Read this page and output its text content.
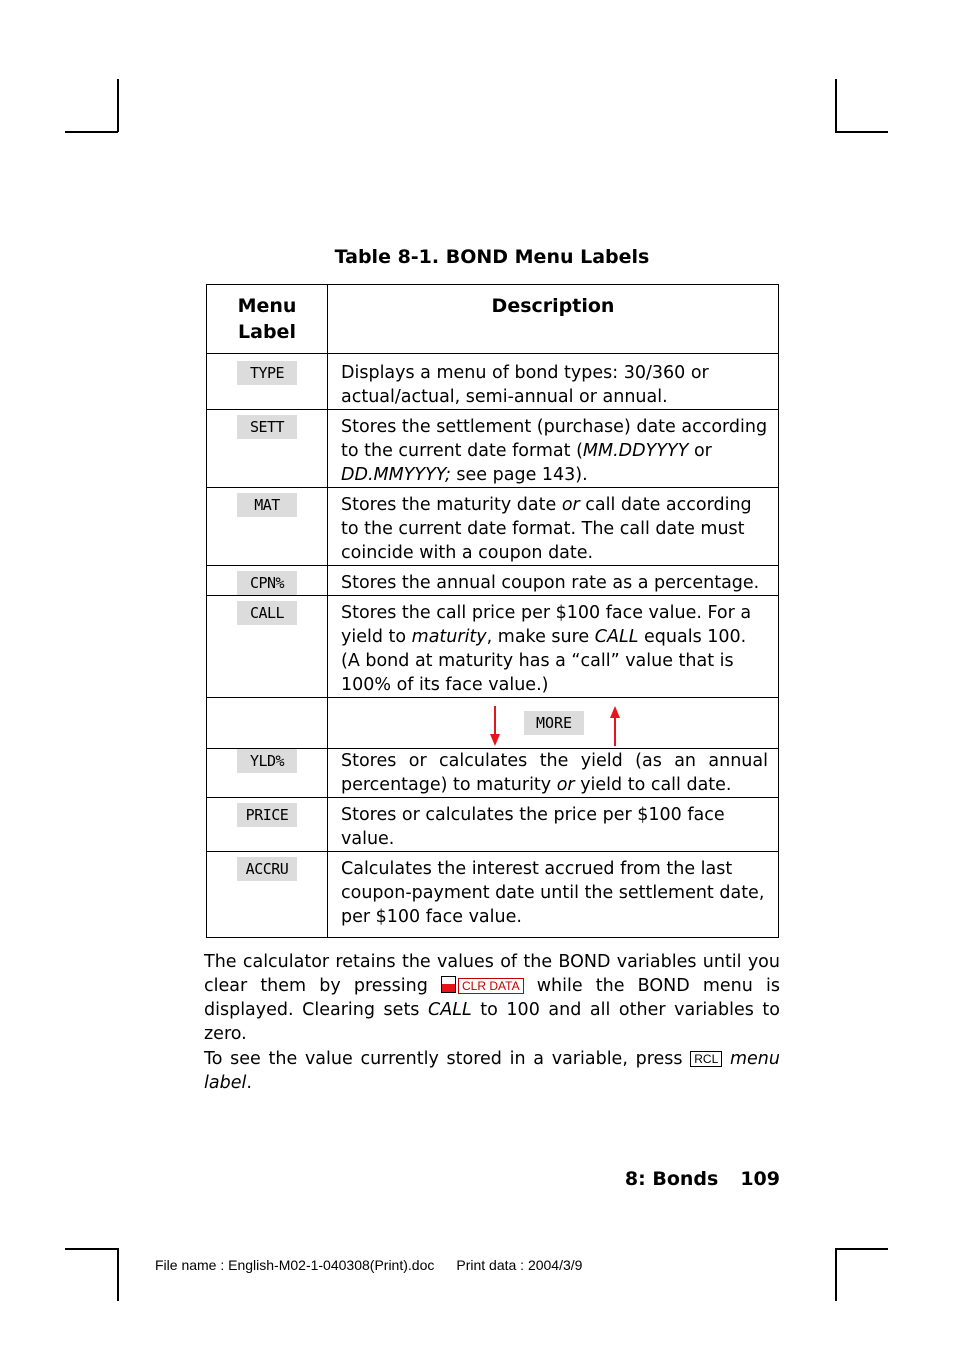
Table 8-1. BOND Menu Labels
Menu Label	Description

TYPE	Displays a menu of bond types: 30/360 or actual/actual, semi-annual or annual.

SETT	Stores the settlement (purchase) date according to the current date format (MM.DDYYYY or DD.MMYYYY; see page 143).

MAT	Stores the maturity date or call date according to the current date format. The call date must coincide with a coupon date.

CPN%	Stores the annual coupon rate as a percentage.

CALL	Stores the call price per $100 face value. For a yield to maturity, make sure CALL equals 100. (A bond at maturity has a “call” value that is 100% of its face value.)

	MORE

YLD%	Stores or calculates the yield (as an annual percentage) to maturity or yield to call date.

PRICE	Stores or calculates the price per $100 face value.

ACCRU	Calculates the interest accrued from the last coupon-payment date until the settlement date, per $100 face value.
The calculator retains the values of the BOND variables until you clear them by pressing
CLR DATA while the BOND menu is displayed. Clearing sets CALL to 100 and all other variables to zero.
To see the value currently stored in a variable, press RCL menu label.
8: Bonds 109
File name : English-M02-1-040308(Print).doc Print data : 2004/3/9
